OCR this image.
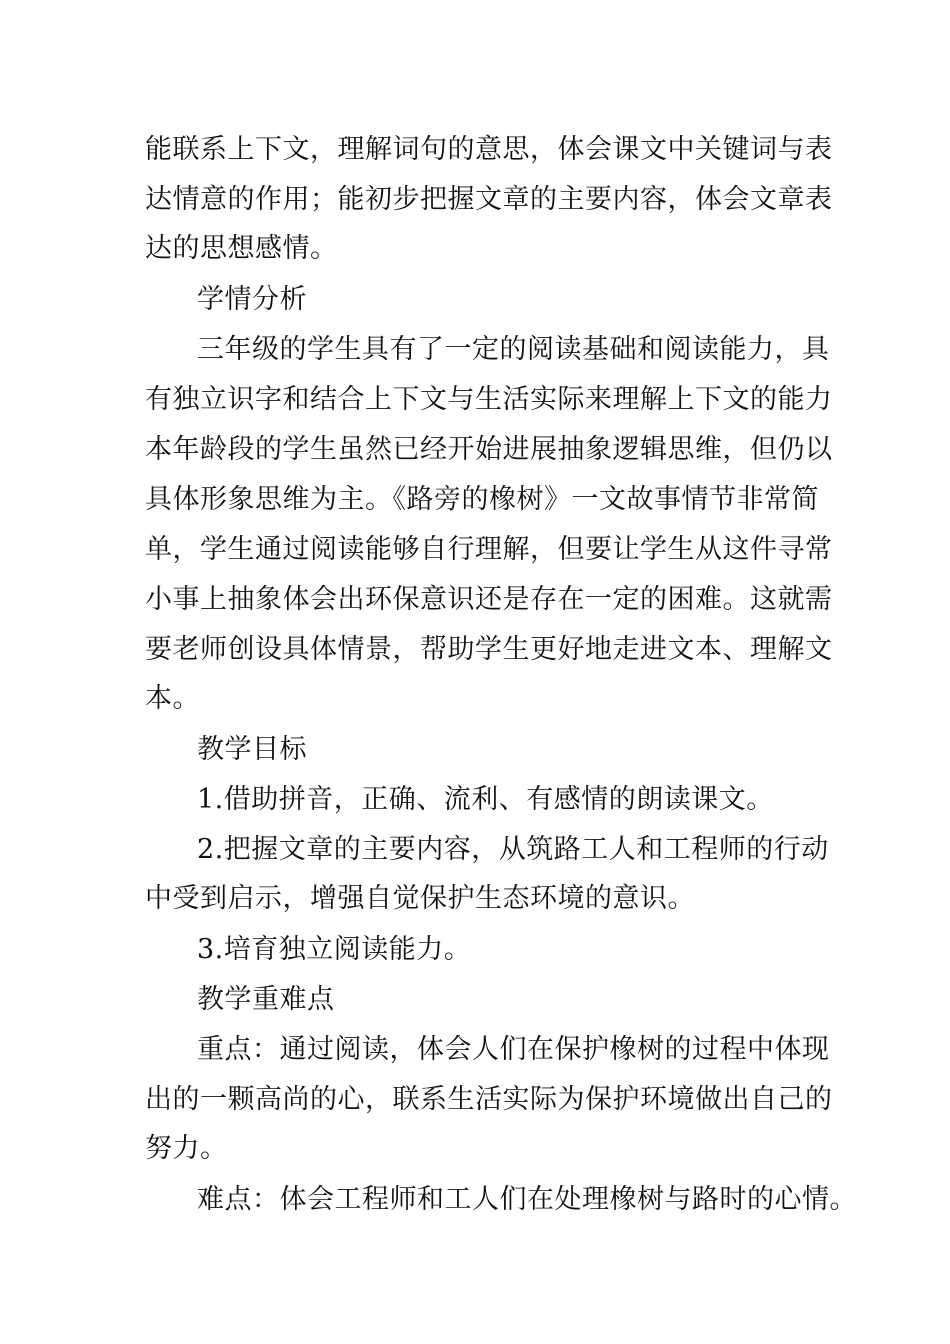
能联系上下文，理解词句的意思，体会课文中关键词与表
达情意的作用；能初步把握文章的主要内容，体会文章表
达的思想感情。
学情分析
三年级的学生具有了一定的阅读基础和阅读能力，具
有独立识字和结合上下文与生活实际来理解上下文的能力
本年龄段的学生虽然已经开始进展抽象逻辑思维，但仍以
具体形象思维为主。《路旁的橡树》一文故事情节非常简
单，学生通过阅读能够自行理解，但要让学生从这件寻常
小事上抽象体会出环保意识还是存在一定的困难。这就需
要老师创设具体情景，帮助学生更好地走进文本、理解文
本。
教学目标
1.借助拼音，正确、流利、有感情的朗读课文。
2.把握文章的主要内容，从筑路工人和工程师的行动
中受到启示，增强自觉保护生态环境的意识。
3.培育独立阅读能力。
教学重难点
重点：通过阅读，体会人们在保护橡树的过程中体现
出的一颗高尚的心，联系生活实际为保护环境做出自己的
努力。
难点：体会工程师和工人们在处理橡树与路时的心情。
